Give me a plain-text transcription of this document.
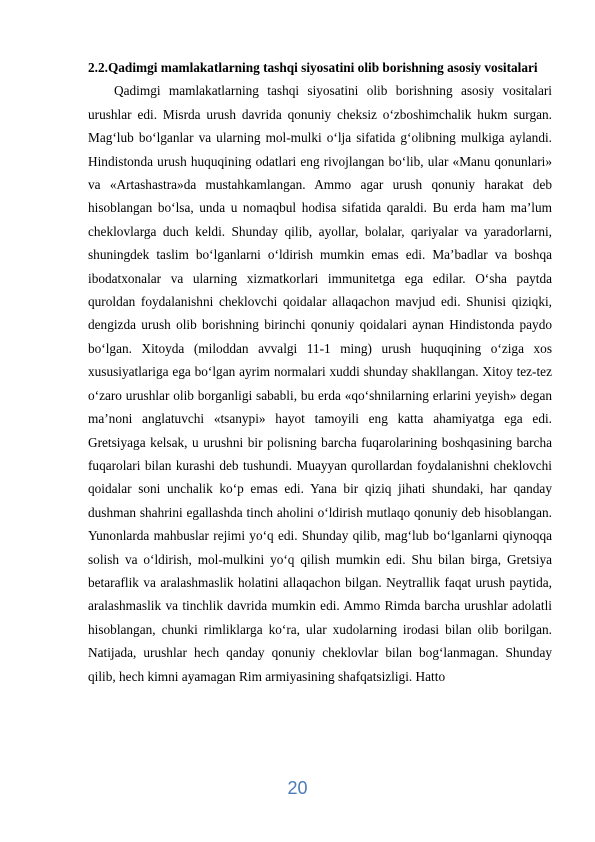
2.2.Qadimgi mamlakatlarning tashqi siyosatini olib borishning asosiy vositalari

Qadimgi mamlakatlarning tashqi siyosatini olib borishning asosiy vositalari urushlar edi. Misrda urush davrida qonuniy cheksiz o‘zboshimchalik hukm surgan. Mag‘lub bo‘lganlar va ularning mol-mulki o‘lja sifatida g‘olibning mulkiga aylandi. Hindistonda urush huquqining odatlari eng rivojlangan bo‘lib, ular «Manu qonunlari» va «Artashastra»da mustahkamlangan. Ammo agar urush qonuniy harakat deb hisoblangan bo‘lsa, unda u nomaqbul hodisa sifatida qaraldi. Bu erda ham ma’lum cheklovlarga duch keldi. Shunday qilib, ayollar, bolalar, qariyalar va yaradorlarni, shuningdek taslim bo‘lganlarni o‘ldirish mumkin emas edi. Ma’badlar va boshqa ibodatxonalar va ularning xizmatkorlari immunitetga ega edilar. O‘sha paytda quroldan foydalanishni cheklovchi qoidalar allaqachon mavjud edi. Shunisi qiziqki, dengizda urush olib borishning birinchi qonuniy qoidalari aynan Hindistonda paydo bo‘lgan. Xitoyda (miloddan avvalgi 11-1 ming) urush huquqining o‘ziga xos xususiyatlariga ega bo‘lgan ayrim normalari xuddi shunday shakllangan. Xitoy tez-tez o‘zaro urushlar olib borganligi sababli, bu erda «qo‘shnilarning erlarini yeyish» degan ma’noni anglatuvchi «tsanypi» hayot tamoyili eng katta ahamiyatga ega edi. Gretsiyaga kelsak, u urushni bir polisning barcha fuqarolarining boshqasining barcha fuqarolari bilan kurashi deb tushundi. Muayyan qurollardan foydalanishni cheklovchi qoidalar soni unchalik ko‘p emas edi. Yana bir qiziq jihati shundaki, har qanday dushman shahrini egallashda tinch aholini o‘ldirish mutlaqo qonuniy deb hisoblangan. Yunonlarda mahbuslar rejimi yo‘q edi. Shunday qilib, mag‘lub bo‘lganlarni qiynoqqa solish va o‘ldirish, mol-mulkini yo‘q qilish mumkin edi. Shu bilan birga, Gretsiya betaraflik va aralashmaslik holatini allaqachon bilgan. Neytrallik faqat urush paytida, aralashmaslik va tinchlik davrida mumkin edi. Ammo Rimda barcha urushlar adolatli hisoblangan, chunki rimliklarga ko‘ra, ular xudolarning irodasi bilan olib borilgan. Natijada, urushlar hech qanday qonuniy cheklovlar bilan bog‘lanmagan. Shunday qilib, hech kimni ayamagan Rim armiyasining shafqatsizligi. Hatto

20
